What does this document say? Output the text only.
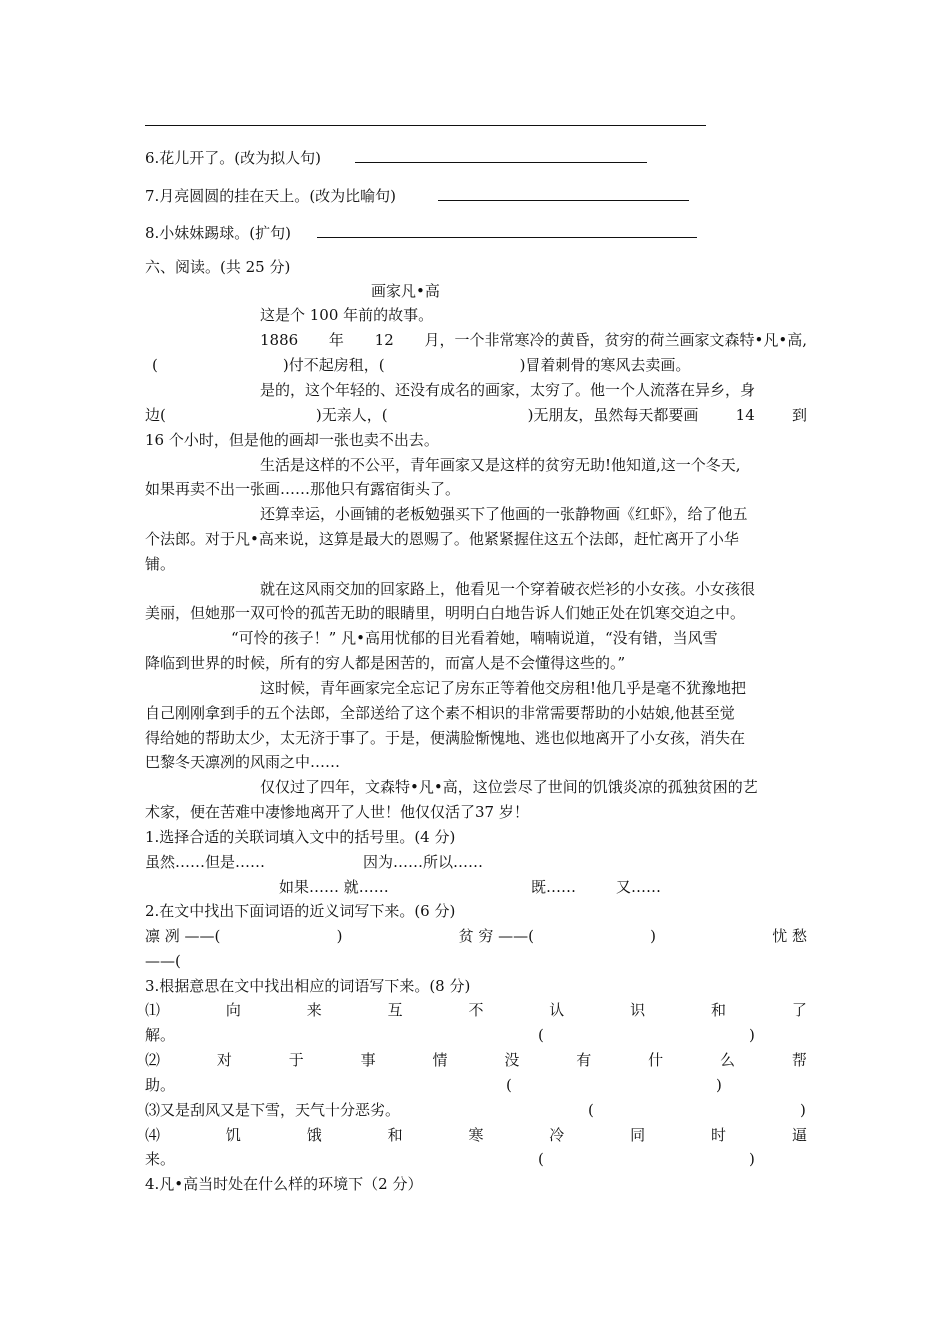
6.花儿开了。(改为拟人句)
7.月亮圆圆的挂在天上。(改为比喻句)
8.小妹妹踢球。(扩句)
六、阅读。(共 25 分)
画家凡•高
这是个 100 年前的故事。
1886 年 12 月，一个非常寒冷的黄昏，贫穷的荷兰画家文森特•凡•高,
(	)付不起房租，(	)冒着刺骨的寒风去卖画。
是的，这个年轻的、还没有成名的画家，太穷了。他一个人流落在异乡，身
边(	)无亲人，(	)无朋友，虽然每天都要画 14 到
16 个小时，但是他的画却一张也卖不出去。
生活是这样的不公平，青年画家又是这样的贫穷无助!他知道,这一个冬天,
如果再卖不出一张画……那他只有露宿街头了。
还算幸运，小画铺的老板勉强买下了他画的一张静物画《红虾》，给了他五
个法郎。对于凡•高来说，这算是最大的恩赐了。他紧紧握住这五个法郎，赶忙离开了小华
铺。
就在这风雨交加的回家路上，他看见一个穿着破衣烂衫的小女孩。小女孩很
美丽，但她那一双可怜的孤苦无助的眼睛里，明明白白地告诉人们她正处在饥寒交迫之中。
“可怜的孩子！” 凡•高用忧郁的目光看着她，喃喃说道，“没有错，当风雪
降临到世界的时候，所有的穷人都是困苦的，而富人是不会懂得这些的。”
这时候，青年画家完全忘记了房东正等着他交房租!他几乎是毫不犹豫地把
自己刚刚拿到手的五个法郎，全部送给了这个素不相识的非常需要帮助的小姑娘,他甚至觉
得给她的帮助太少，太无济于事了。于是，便满脸惭愧地、逃也似地离开了小女孩，消失在
巴黎冬天凛冽的风雨之中……
仅仅过了四年，文森特•凡•高，这位尝尽了世间的饥饿炎凉的孤独贫困的艺
术家，便在苦难中凄惨地离开了人世！他仅仅活了37 岁！
1.选择合适的关联词填入文中的括号里。(4 分)
虽然……但是……	因为……所以……
如果…… 就……	既……	又……
2.在文中找出下面词语的近义词写下来。(6 分)
凛 冽 ——(	)	贫 穷 ——(	)	忧 愁
——(
3.根据意思在文中找出相应的词语写下来。(8 分)
⑴	向	来	互	不	认	识	和	了
解。	(	)
⑵	对	于	事	情	没	有	什	么	帮
助。	(	)
⑶又是刮风又是下雪，天气十分恶劣。	(	)
⑷	饥	饿	和	寒	冷	同	时	逼
来。	(	)
4.凡•高当时处在什么样的环境下（2 分）
